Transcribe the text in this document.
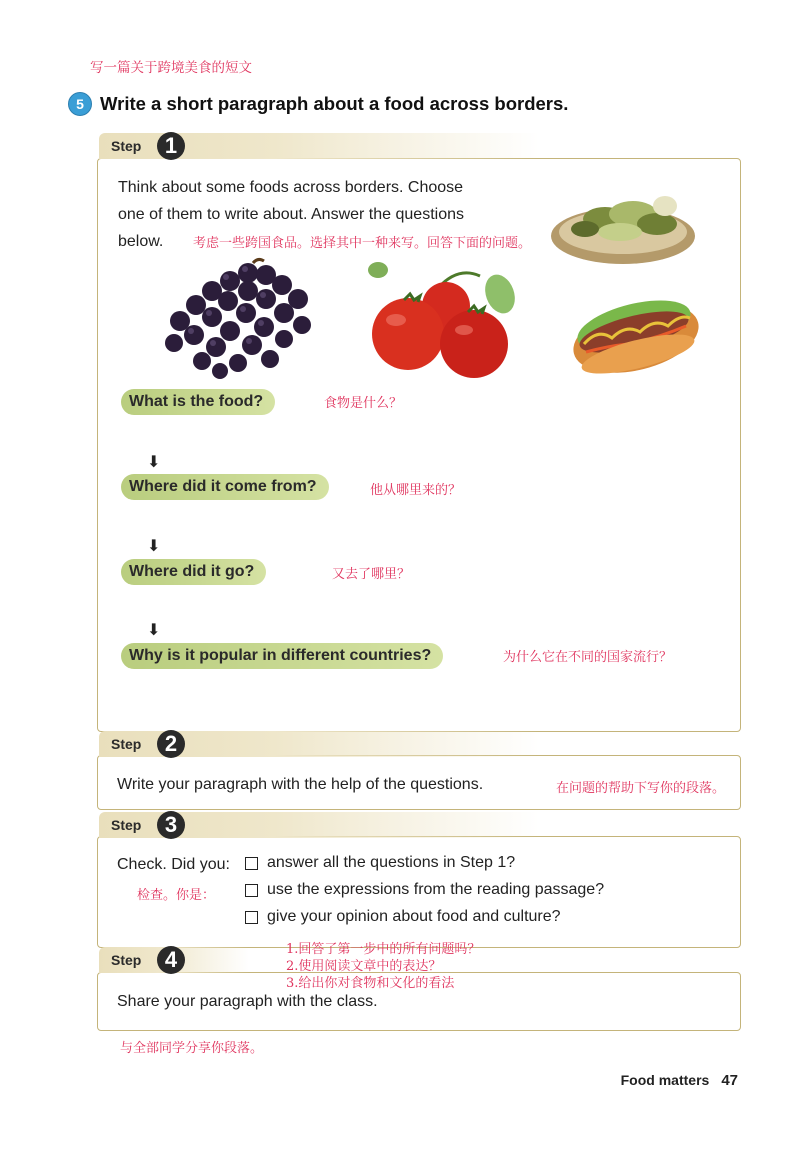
写一篇关于跨境美食的短文
5 Write a short paragraph about a food across borders.
Step	1
Think about some foods across borders. Choose
one of them to write about. Answer the questions
below.	考虑一些跨国食品。选择其中一种来写。回答下面的问题。
What is the food?	食物是什么？
⬇
Where did it come from?	他从哪里来的？
⬇
Where did it go?	又去了哪里？
⬇
Why is it popular in different countries?	为什么它在不同的国家流行？
Step	2
Write your paragraph with the help of the questions.	在问题的帮助下写你的段落。
Step	3
Check. Did you:
检查。你是：
answer all the questions in Step 1?
use the expressions from the reading passage?
give your opinion about food and culture?
Step	4	1.回答了第一步中的所有问题吗？
2.使用阅读文章中的表达？
3.给出你对食物和文化的看法
Share your paragraph with the class.
与全部同学分享你段落。
Food matters 47
